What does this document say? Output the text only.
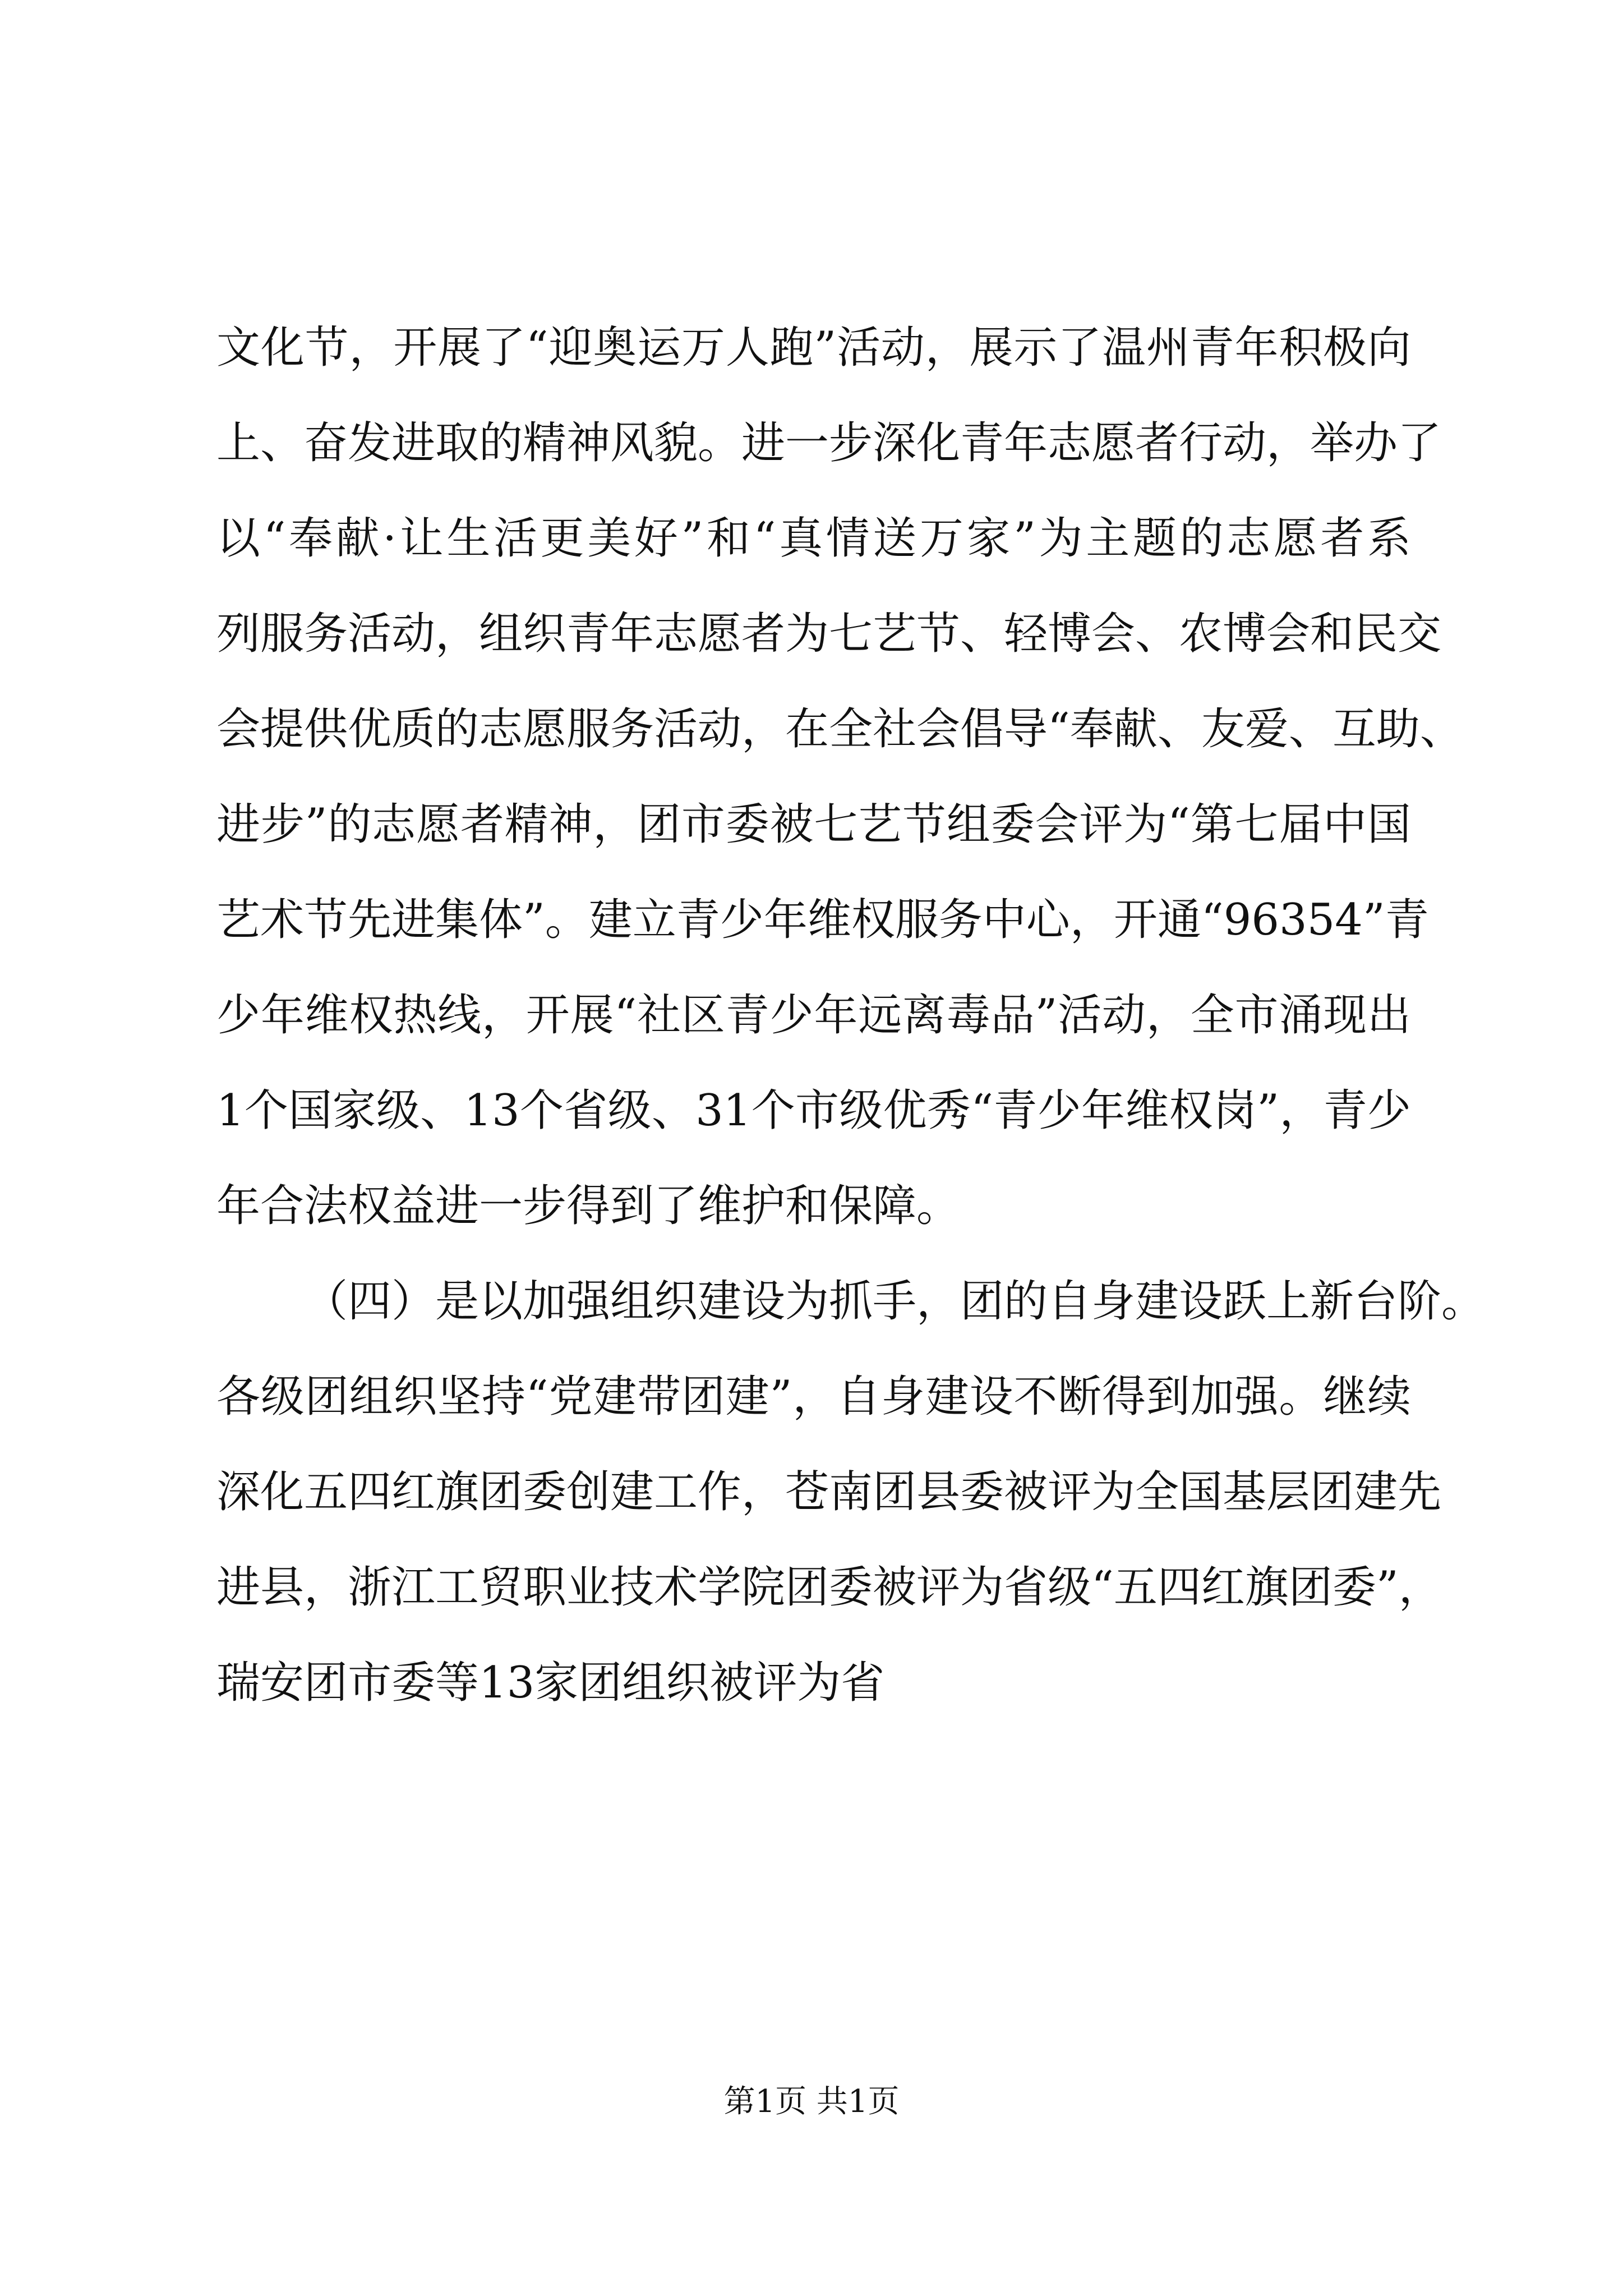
文化节，开展了“迎奥运万人跑”活动，展示了温州青年积极向
上、奋发进取的精神风貌。进一步深化青年志愿者行动，举办了
以“奉献·让生活更美好”和“真情送万家”为主题的志愿者系
列服务活动，组织青年志愿者为七艺节、轻博会、农博会和民交
会提供优质的志愿服务活动，在全社会倡导“奉献、友爱、互助、
进步”的志愿者精神，团市委被七艺节组委会评为“第七届中国
艺术节先进集体”。建立青少年维权服务中心，开通“96354”青
少年维权热线，开展“社区青少年远离毒品”活动，全市涌现出
1个国家级、13个省级、31个市级优秀“青少年维权岗”，青少
年合法权益进一步得到了维护和保障。
（四）是以加强组织建设为抓手，团的自身建设跃上新台阶。
各级团组织坚持“党建带团建”，自身建设不断得到加强。继续
深化五四红旗团委创建工作，苍南团县委被评为全国基层团建先
进县，浙江工贸职业技术学院团委被评为省级“五四红旗团委”，
瑞安团市委等13家团组织被评为省
第1页 共1页
